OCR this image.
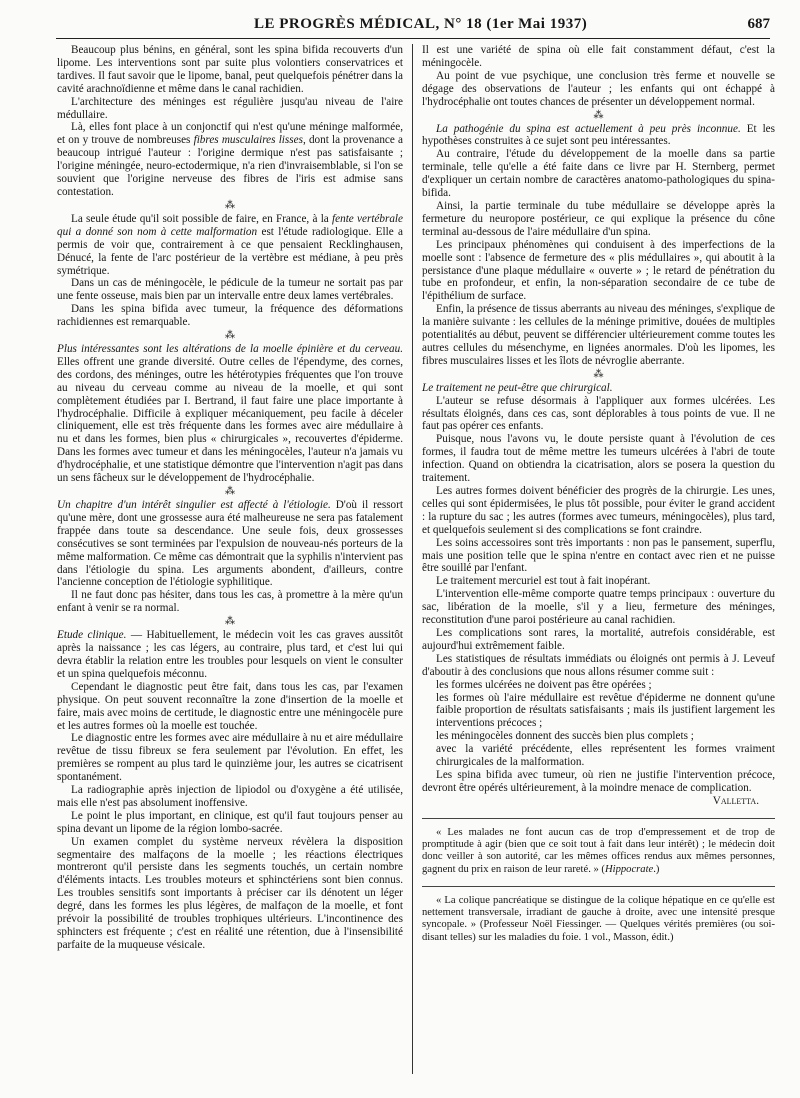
LE PROGRÈS MÉDICAL, N° 18 (1er Mai 1937)	687

Beaucoup plus bénins, en général, sont les spina bifida recouverts d'un lipome. Les interventions sont par suite plus volontiers conservatrices et tardives. Il faut savoir que le lipome, banal, peut quelquefois pénétrer dans la cavité arachnoïdienne et même dans le canal rachidien.

L'architecture des méninges est régulière jusqu'au niveau de l'aire médullaire.

Là, elles font place à un conjonctif qui n'est qu'une méninge malformée, et on y trouve de nombreuses fibres musculaires lisses, dont la provenance a beaucoup intrigué l'auteur : l'origine dermique n'est pas satisfaisante ; l'origine méningée, neuro-ectodermique, n'a rien d'invraisemblable, si l'on se souvient que l'origine nerveuse des fibres de l'iris est admise sans contestation.

⁂

La seule étude qu'il soit possible de faire, en France, à la fente vertébrale qui a donné son nom à cette malformation est l'étude radiologique. Elle a permis de voir que, contrairement à ce que pensaient Recklinghausen, Dénucé, la fente de l'arc postérieur de la vertèbre est médiane, à peu près symétrique.

Dans un cas de méningocèle, le pédicule de la tumeur ne sortait pas par une fente osseuse, mais bien par un intervalle entre deux lames vertébrales.

Dans les spina bifida avec tumeur, la fréquence des déformations rachidiennes est remarquable.

⁂

Plus intéressantes sont les altérations de la moelle épinière et du cerveau. Elles offrent une grande diversité. Outre celles de l'épendyme, des cornes, des cordons, des méninges, outre les hétérotypies fréquentes que l'on trouve au niveau du cerveau comme au niveau de la moelle, et qui sont complètement étudiées par I. Bertrand, il faut faire une place importante à l'hydrocéphalie. Difficile à expliquer mécaniquement, peu facile à déceler cliniquement, elle est très fréquente dans les formes avec aire médullaire à nu et dans les formes, bien plus « chirurgicales », recouvertes d'épiderme. Dans les formes avec tumeur et dans les méningocèles, l'auteur n'a jamais vu d'hydrocéphalie, et une statistique démontre que l'intervention n'agit pas dans un sens fâcheux sur le développement de l'hydrocéphalie.

⁂

Un chapitre d'un intérêt singulier est affecté à l'étiologie. D'où il ressort qu'une mère, dont une grossesse aura été malheureuse ne sera pas fatalement frappée dans toute sa descendance. Une seule fois, deux grossesses consécutives se sont terminées par l'expulsion de nouveau-nés porteurs de la même malformation. Ce même cas démontrait que la syphilis n'intervient pas dans l'étiologie du spina. Les arguments abondent, d'ailleurs, contre l'ancienne conception de l'étiologie syphilitique.

Il ne faut donc pas hésiter, dans tous les cas, à promettre à la mère qu'un enfant à venir se ra normal.

⁂

Etude clinique. — Habituellement, le médecin voit les cas graves aussitôt après la naissance ; les cas légers, au contraire, plus tard, et c'est lui qui devra établir la relation entre les troubles pour lesquels on vient le consulter et un spina quelquefois méconnu.

Cependant le diagnostic peut être fait, dans tous les cas, par l'examen physique. On peut souvent reconnaître la zone d'insertion de la moelle et faire, mais avec moins de certitude, le diagnostic entre une méningocèle pure et les autres formes où la moelle est touchée.

Le diagnostic entre les formes avec aire médullaire à nu et aire médullaire revêtue de tissu fibreux se fera seulement par l'évolution. En effet, les premières se rompent au plus tard le quinzième jour, les autres se cicatrisent spontanément.

La radiographie après injection de lipiodol ou d'oxygène a été utilisée, mais elle n'est pas absolument inoffensive.

Le point le plus important, en clinique, est qu'il faut toujours penser au spina devant un lipome de la région lombo-sacrée.

Un examen complet du système nerveux révèlera la disposition segmentaire des malfaçons de la moelle ; les réactions électriques montreront qu'il persiste dans les segments touchés, un certain nombre d'éléments intacts. Les troubles moteurs et sphinctériens sont bien connus. Les troubles sensitifs sont importants à préciser car ils dénotent un léger degré, dans les formes les plus légères, de malfaçon de la moelle, et font prévoir la possibilité de troubles trophiques ultérieurs. L'incontinence des sphincters est fréquente ; c'est en réalité une rétention, due à l'insensibilité parfaite de la muqueuse vésicale.

Il est une variété de spina où elle fait constamment défaut, c'est la méningocèle.

Au point de vue psychique, une conclusion très ferme et nouvelle se dégage des observations de l'auteur ; les enfants qui ont échappé à l'hydrocéphalie ont toutes chances de présenter un développement normal.

⁂

La pathogénie du spina est actuellement à peu près inconnue. Et les hypothèses construites à ce sujet sont peu intéressantes.

Au contraire, l'étude du développement de la moelle dans sa partie terminale, telle qu'elle a été faite dans ce livre par H. Sternberg, permet d'expliquer un certain nombre de caractères anatomo-pathologiques du spina-bifida.

Ainsi, la partie terminale du tube médullaire se développe après la fermeture du neuropore postérieur, ce qui explique la présence du cône terminal au-dessous de l'aire médullaire d'un spina.

Les principaux phénomènes qui conduisent à des imperfections de la moelle sont : l'absence de fermeture des « plis médullaires », qui aboutit à la persistance d'une plaque médullaire « ouverte » ; le retard de pénétration du tube en profondeur, et enfin, la non-séparation secondaire de ce tube de l'épithélium de surface.

Enfin, la présence de tissus aberrants au niveau des méninges, s'explique de la manière suivante : les cellules de la méninge primitive, douées de multiples potentialités au début, peuvent se différencier ultérieurement comme toutes les autres cellules du mésenchyme, en lignées anormales. D'où les lipomes, les fibres musculaires lisses et les îlots de névroglie aberrante.

⁂

Le traitement ne peut-être que chirurgical.

L'auteur se refuse désormais à l'appliquer aux formes ulcérées. Les résultats éloignés, dans ces cas, sont déplorables à tous points de vue. Il ne faut pas opérer ces enfants.

Puisque, nous l'avons vu, le doute persiste quant à l'évolution de ces formes, il faudra tout de même mettre les tumeurs ulcérées à l'abri de toute infection. Quand on obtiendra la cicatrisation, alors se posera la question du traitement.

Les autres formes doivent bénéficier des progrès de la chirurgie. Les unes, celles qui sont épidermisées, le plus tôt possible, pour éviter le grand accident : la rupture du sac ; les autres (formes avec tumeurs, méningocèles), plus tard, et quelquefois seulement si des complications se font craindre.

Les soins accessoires sont très importants : non pas le pansement, superflu, mais une position telle que le spina n'entre en contact avec rien et ne puisse être souillé par l'enfant.

Le traitement mercuriel est tout à fait inopérant.

L'intervention elle-même comporte quatre temps principaux : ouverture du sac, libération de la moelle, s'il y a lieu, fermeture des méninges, reconstitution d'une paroi postérieure au canal rachidien.

Les complications sont rares, la mortalité, autrefois considérable, est aujourd'hui extrêmement faible.

Les statistiques de résultats immédiats ou éloignés ont permis à J. Leveuf d'aboutir à des conclusions que nous allons résumer comme suit :

les formes ulcérées ne doivent pas être opérées ;

les formes où l'aire médullaire est revêtue d'épiderme ne donnent qu'une faible proportion de résultats satisfaisants ; mais ils justifient largement les interventions précoces ;

les méningocèles donnent des succès bien plus complets ;

avec la variété précédente, elles représentent les formes vraiment chirurgicales de la malformation.

Les spina bifida avec tumeur, où rien ne justifie l'intervention précoce, devront être opérés ultérieurement, à la moindre menace de complication.

Valletta.

« Les malades ne font aucun cas de trop d'empressement et de trop de promptitude à agir (bien que ce soit tout à fait dans leur intérêt) ; le médecin doit donc veiller à son autorité, car les mêmes offices rendus aux mêmes personnes, gagnent du prix en raison de leur rareté. » (Hippocrate.)

« La colique pancréatique se distingue de la colique hépatique en ce qu'elle est nettement transversale, irradiant de gauche à droite, avec une intensité presque syncopale. » (Professeur Noël Fiessinger. — Quelques vérités premières (ou soi-disant telles) sur les maladies du foie. 1 vol., Masson, édit.)
